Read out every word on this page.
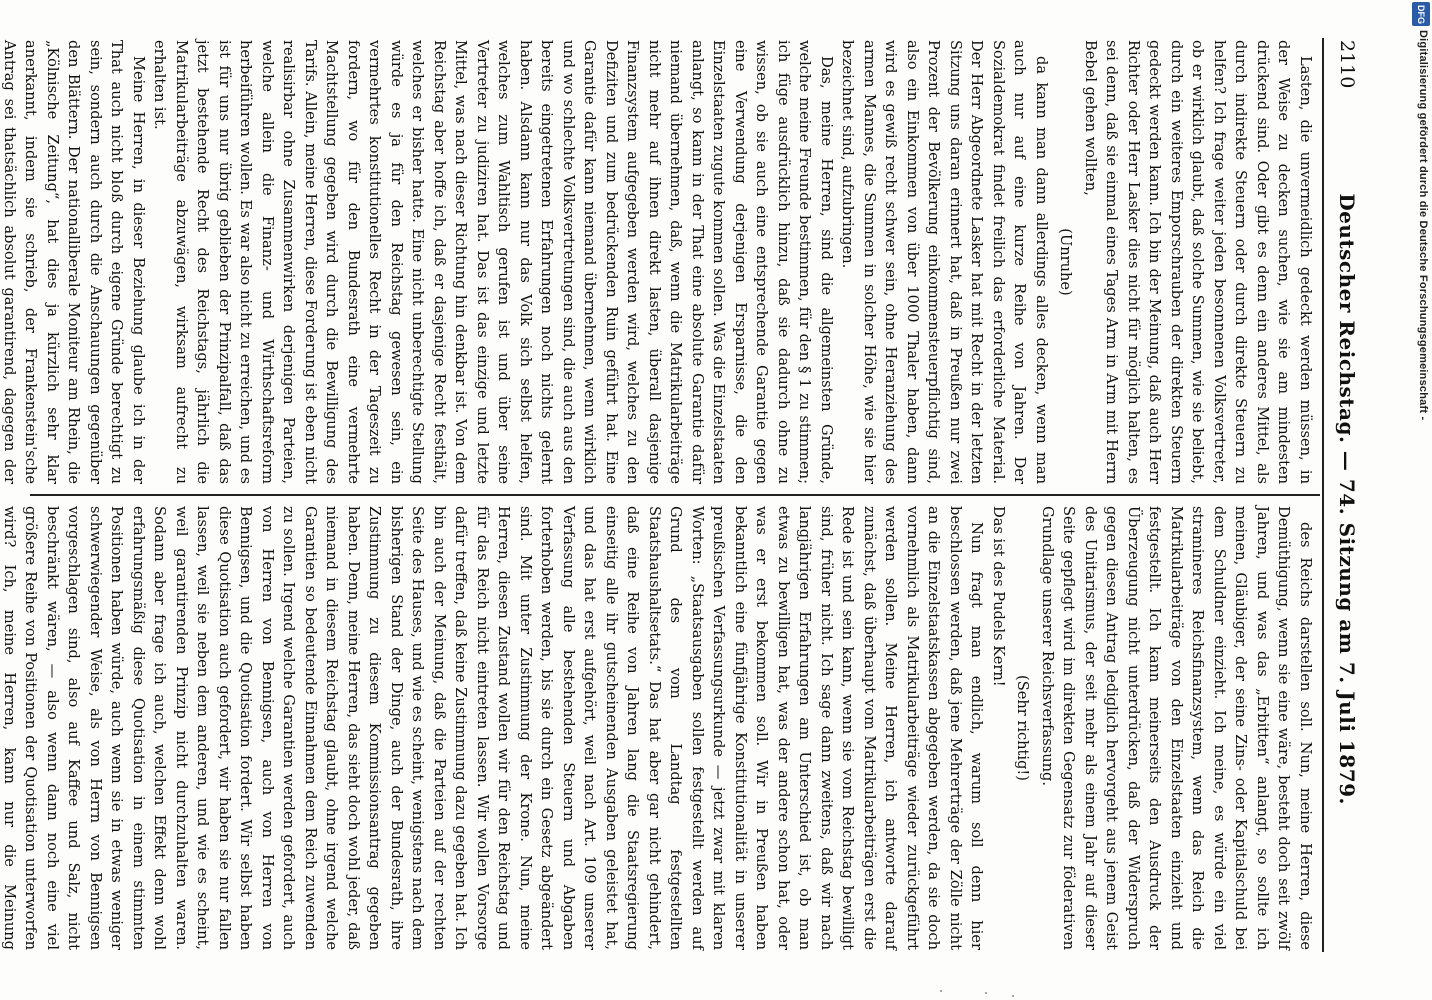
2110
Deutscher Reichstag. — 74. Sitzung am 7. Juli 1879.

Lasten, die unvermeidlich gedeckt werden müssen, in der Weise zu decken suchen, wie sie am mindesten drückend sind. Oder gibt es denn ein anderes Mittel, als durch indirekte Steuern oder durch direkte Steuern zu helfen? Ich frage weiter jeden besonnenen Volksvertreter, ob er wirklich glaubt, daß solche Summen, wie sie beliebt, durch ein weiteres Emporschrauben der direkten Steuern gedeckt werden kann. Ich bin der Meinung, daß auch Herr Richter oder Herr Lasker dies nicht für möglich halten, es sei denn, daß sie einmal eines Tages Arm in Arm mit Herrn Bebel gehen wollten,

(Unruhe)

da kann man dann allerdings alles decken, wenn man auch nur auf eine kurze Reihe von Jahren. Der Sozialdemokrat findet freilich das erforderliche Material. Der Herr Abgeordnete Lasker hat mit Recht in der letzten Sitzung uns daran erinnert hat, daß in Preußen nur zwei Prozent der Bevölkerung einkommensteuerpflichtig sind, also ein Einkommen von über 1000 Thaler haben, dann wird es gewiß recht schwer sein, ohne Heranziehung des armen Mannes, die Summen in solcher Höhe, wie sie hier bezeichnet sind, aufzubringen.

Das, meine Herren, sind die allgemeinsten Gründe, welche meine Freunde bestimmen, für den § 1 zu stimmen; ich füge ausdrücklich hinzu, daß sie dadurch ohne zu wissen, ob sie auch eine entsprechende Garantie gegen eine Verwendung derjenigen Ersparnisse, die den Einzelstaaten zugute kommen sollen. Was die Einzelstaaten anlangt, so kann in der That eine absolute Garantie dafür niemand übernehmen, daß, wenn die Matrikularbeiträge nicht mehr auf ihnen direkt lasten, überall dasjenige Finanzsystem aufgegeben werden wird, welches zu den Defiziten und zum bedrückenden Ruin geführt hat. Eine Garantie dafür kann niemand übernehmen, wenn wirklich und wo schlechte Volksvertretungen sind, die auch aus den bereits eingetretenen Erfahrungen noch nichts gelernt haben. Alsdann kann nur das Volk sich selbst helfen, welches zum Wahltisch gerufen ist und über seine Vertreter zu judiziren hat. Das ist das einzige und letzte Mittel, was nach dieser Richtung hin denkbar ist. Von dem Reichstag aber hoffe ich, daß er dasjenige Recht festhält, welches er bisher hatte. Eine nicht unberechtigte Stellung würde es ja für den Reichstag gewesen sein, ein vermehrtes konstitutionelles Recht in der Tageszeit zu fordern, wo für den Bundesrath eine vermehrte Machtstellung gegeben wird durch die Bewilligung des Tarifs. Allein, meine Herren, diese Forderung ist eben nicht realisirbar ohne Zusammenwirken derjenigen Parteien, welche allein die Finanz- und Wirthschaftsreform herbeiführen wollen. Es war also nicht zu erreichen, und es ist für uns nur übrig geblieben der Prinzipalfall, daß das jetzt bestehende Recht des Reichstags, jährlich die Matrikularbeiträge abzuwägen, wirksam aufrecht zu erhalten ist.

Meine Herren, in dieser Beziehung glaube ich in der That auch nicht bloß durch eigene Gründe berechtigt zu sein, sondern auch durch die Anschauungen gegenüber den Blättern. Der nationalliberale Moniteur am Rhein, die „Kölnische Zeitung“, hat dies ja kürzlich sehr klar anerkannt, indem sie schrieb, der Frankenstein'sche Antrag sei thatsächlich absolut garantirend, dagegen der

des Reichs darstellen soll. Nun, meine Herren, diese Demüthigung, wenn sie eine wäre, besteht doch seit zwölf Jahren, und was das „Erbitten“ anlangt, so sollte ich meinen, Gläubiger, der seine Zins- oder Kapitalschuld bei dem Schuldner einzieht. Ich meine, es würde ein viel stramineres Reichsfinanzsystem, wenn das Reich die Matrikularbeiträge von den Einzelstaaten einzieht und festgestellt. Ich kann meinerseits den Ausdruck der Überzeugung nicht unterdrücken, daß der Widerspruch gegen diesen Antrag lediglich hervorgeht aus jenem Geist des Unitarismus, der seit mehr als einem Jahr auf dieser Seite gepflegt wird im direkten Gegensatz zur föderativen Grundlage unserer Reichsverfassung.

(Sehr richtig!)

Das ist des Pudels Kern!

Nun fragt man endlich, warum soll denn hier beschlossen werden, daß jene Mehrerträge der Zölle nicht an die Einzelstaatskassen abgegeben werden, da sie doch vornehmlich als Matrikularbeiträge wieder zurückgeführt werden sollen. Meine Herren, ich antworte darauf zunächst, daß überhaupt vom Matrikularbeiträgen erst die Rede ist und sein kann, wenn sie vom Reichstag bewilligt sind, früher nicht. Ich sage dann zweitens, daß wir nach langjährigen Erfahrungen am Unterschied ist, ob man etwas zu bewilligen hat, was der andere schon hat, oder was er erst bekommen soll. Wir in Preußen haben bekanntlich eine fünfjährige Konstitutionalität in unserer preußischen Verfassungsurkunde — jetzt zwar mit klaren Worten: „Staatsausgaben sollen festgestellt werden auf Grund des vom Landtag festgestellten Staatshaushaltsetats.“ Das hat aber gar nicht gehindert, daß eine Reihe von Jahren lang die Staatsregierung einseitig alle ihr gutscheinenden Ausgaben geleistet hat, und das hat erst aufgehört, weil nach Art. 109 unserer Verfassung alle bestehenden Steuern und Abgaben forterhoben werden, bis sie durch ein Gesetz abgeändert sind. Mit unter Zustimmung der Krone. Nun, meine Herren, diesen Zustand wollen wir für den Reichstag und für das Reich nicht eintreten lassen. Wir wollen Vorsorge dafür treffen, daß keine Zustimmung dazu gegeben hat. Ich bin auch der Meinung, daß die Parteien auf der rechten Seite des Hauses, und wie es scheint, wenigstens nach dem bisherigen Stand der Dinge, auch der Bundesrath, ihre Zustimmung zu diesem Kommissionsantrag gegeben haben. Denn, meine Herren, das sieht doch wohl jeder, daß niemand in diesem Reichstag glaubt, ohne irgend welche Garantien so bedeutende Einnahmen dem Reich zuwenden zu sollen. Irgend welche Garantien werden gefordert, auch von Herren von Bennigsen, auch von Herren von Bennigsen, und die Quotisation fordert. Wir selbst haben diese Quotisation auch gefordert, wir haben sie nur fallen lassen, weil sie neben dem anderen, und wie es scheint, weil garantirenden Prinzip nicht durchzuhalten waren. Sodann aber frage ich auch, welchen Effekt denn wohl erfahrungsmäßig diese Quotisation in einem stimmten Positionen haben würde, auch wenn sie in etwas weniger schwerwiegender Weise, als von Herrn von Bennigsen vorgeschlagen sind, also auf Kaffee und Salz, nicht beschränkt wären, — also wenn dann noch eine viel größere Reihe von Positionen der Quotisation unterworfen wird? Ich, meine Herren, kann nur die Meinung

DFG
Digitalisierung gefördert durch die Deutsche Forschungsgemeinschaft -
